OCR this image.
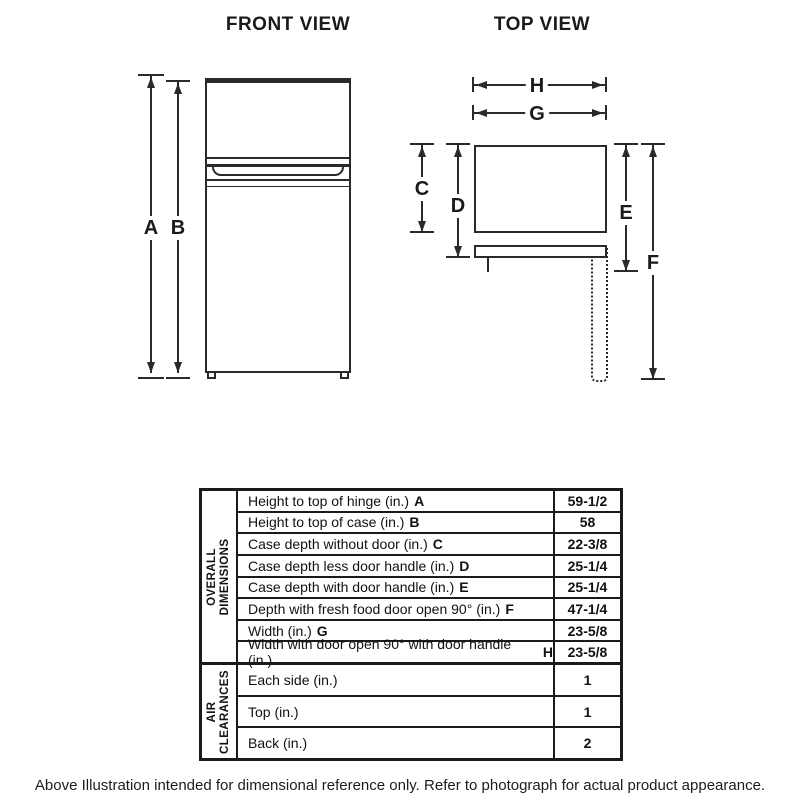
FRONT VIEW	TOP VIEW
A B
H
G
C
D	E
F
OVERALL DIMENSIONS
Height to top of hinge (in.) A	59-1/2
Height to top of case (in.) B	58
Case depth without door (in.) C	22-3/8
Case depth less door handle (in.) D	25-1/4
Case depth with door handle (in.) E	25-1/4
Depth with fresh food door open 90° (in.) F	47-1/4
Width (in.) G	23-5/8
Width with door open 90° with door handle (in.)	H	23-5/8
AIR CLEARANCES	Each side (in.)	1
Top (in.)	1
Back (in.)	2
Above Illustration intended for dimensional reference only. Refer to photograph for actual product appearance.
